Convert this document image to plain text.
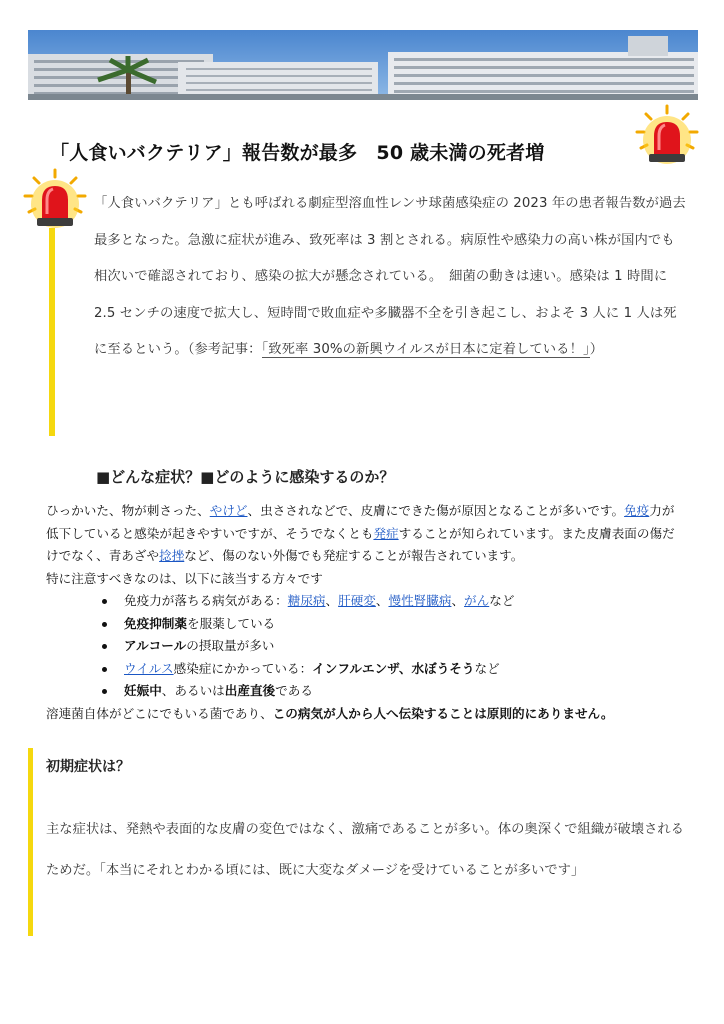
「人食いバクテリア」報告数が最多　50 歳未満の死者増
「人食いバクテリア」とも呼ばれる劇症型溶血性レンサ球菌感染症の 2023 年の患者報告数が過去最多となった。急激に症状が進み、致死率は 3 割とされる。病原性や感染力の高い株が国内でも相次いで確認されており、感染の拡大が懸念されている。　細菌の動きは速い。感染は 1 時間に 2.5 センチの速度で拡大し、短時間で敗血症や多臓器不全を引き起こし、およそ 3 人に 1 人は死に至るという。（参考記事：「致死率 30%の新興ウイルスが日本に定着している！」）
■どんな症状？■どのように感染するのか？

ひっかいた、物が刺さった、やけど、虫さされなどで、皮膚にできた傷が原因となることが多いです。免疫力が低下していると感染が起きやすいですが、そうでなくとも発症することが知られています。また皮膚表面の傷だけでなく、青あざや捻挫など、傷のない外傷でも発症することが報告されています。

特に注意すべきなのは、以下に該当する方々です

免疫力が落ちる病気がある：糖尿病、肝硬変、慢性腎臓病、がんなど
免疫抑制薬を服薬している
アルコールの摂取量が多い
ウイルス感染症にかかっている：インフルエンザ、水ぼうそうなど
妊娠中、あるいは出産直後である

溶連菌自体がどこにでもいる菌であり、この病気が人から人へ伝染することは原則的にありません。

初期症状は？
主な症状は、発熱や表面的な皮膚の変色ではなく、激痛であることが多い。体の奥深くで組織が破壊されるためだ。「本当にそれとわかる頃には、既に大変なダメージを受けていることが多いです」
